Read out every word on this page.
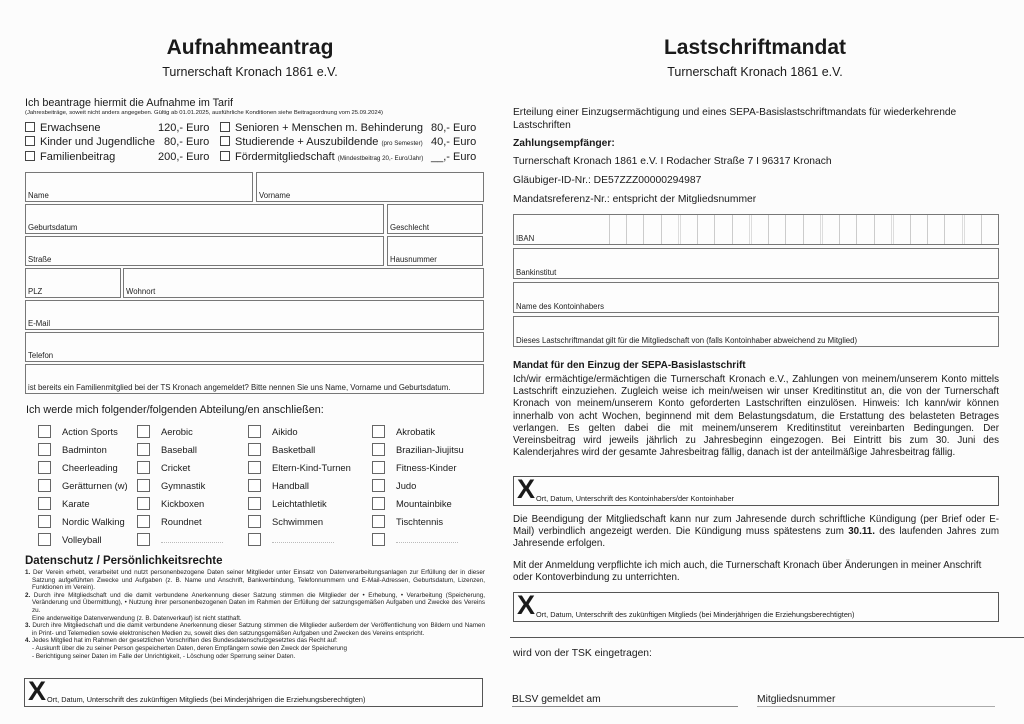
Aufnahmeantrag
Turnerschaft Kronach 1861 e.V.
Ich beantrage hiermit die Aufnahme im Tarif
(Jahresbeiträge, soweit nicht anders angegeben. Gültig ab 01.01.2025, ausführliche Konditionen siehe Beitragsordnung vom 25.09.2024)
Erwachsene	120,- Euro
Kinder und Jugendliche 80,- Euro
Familienbeitrag	200,- Euro
Senioren + Menschen m. Behinderung 80,- Euro
Studierende + Auszubildende (pro Semester) 40,- Euro
Fördermitgliedschaft (Mindestbeitrag 20,- Euro/Jahr) __,- Euro
Name	Vorname
Geburtsdatum	Geschlecht
Straße	Hausnummer
PLZ	Wohnort
E-Mail
Telefon
ist bereits ein Familienmitglied bei der TS Kronach angemeldet? Bitte nennen Sie uns Name, Vorname und Geburtsdatum.
Ich werde mich folgender/folgenden Abteilung/en anschließen:
Action Sports
Badminton
Cheerleading
Gerätturnen (w)
Karate
Nordic Walking
Volleyball
Aerobic
Baseball
Cricket
Gymnastik
Kickboxen
Roundnet
Aikido
Basketball
Eltern-Kind-Turnen
Handball
Leichtathletik
Schwimmen
Akrobatik
Brazilian-Jiujitsu
Fitness-Kinder
Judo
Mountainbike
Tischtennis
Datenschutz / Persönlichkeitsrechte
1. Der Verein erhebt, verarbeitet und nutzt personenbezogene Daten seiner Mitglieder unter Einsatz von Datenverarbeitungsanlagen zur Erfüllung der in dieser Satzung aufgeführten Zwecke und Aufgaben (z. B. Name und Anschrift, Bankverbindung, Telefonnummern und E-Mail-Adressen, Geburtsdatum, Lizenzen, Funktionen im Verein).
2. Durch ihre Mitgliedschaft und die damit verbundene Anerkennung dieser Satzung stimmen die Mitglieder der • Erhebung, • Verarbeitung (Speicherung, Veränderung und Übermittlung), • Nutzung ihrer personenbezogenen Daten im Rahmen der Erfüllung der satzungsgemäßen Aufgaben und Zwecke des Vereins zu.
Eine anderweitige Datenverwendung (z. B. Datenverkauf) ist nicht statthaft.
3. Durch ihre Mitgliedschaft und die damit verbundene Anerkennung dieser Satzung stimmen die Mitglieder außerdem der Veröffentlichung von Bildern und Namen in Print- und Telemedien sowie elektronischen Medien zu, soweit dies den satzungsgemäßen Aufgaben und Zwecken des Vereins entspricht.
4. Jedes Mitglied hat im Rahmen der gesetzlichen Vorschriften des Bundesdatenschutzgesetztes das Recht auf:
- Auskunft über die zu seiner Person gespeicherten Daten, deren Empfängern sowie den Zweck der Speicherung
- Berichtigung seiner Daten im Falle der Unrichtigkeit, - Löschung oder Sperrung seiner Daten.
X Ort, Datum, Unterschrift des zukünftigen Mitglieds (bei Minderjährigen die Erziehungsberechtigten)
Lastschriftmandat
Turnerschaft Kronach 1861 e.V.
Erteilung einer Einzugsermächtigung und eines SEPA-Basislastschriftmandats für wiederkehrende Lastschriften
Zahlungsempfänger:
Turnerschaft Kronach 1861 e.V. I Rodacher Straße 7 I 96317 Kronach
Gläubiger-ID-Nr.: DE57ZZZ00000294987
Mandatsreferenz-Nr.: entspricht der Mitgliedsnummer
IBAN
Bankinstitut
Name des Kontoinhabers
Dieses Lastschriftmandat gilt für die Mitgliedschaft von (falls Kontoinhaber abweichend zu Mitglied)
Mandat für den Einzug der SEPA-Basislastschrift
Ich/wir ermächtige/ermächtigen die Turnerschaft Kronach e.V., Zahlungen von meinem/unserem Konto mittels Lastschrift einzuziehen. Zugleich weise ich mein/weisen wir unser Kreditinstitut an, die von der Turnerschaft Kronach von meinem/unserem Konto geforderten Lastschriften einzulösen. Hinweis: Ich kann/wir können innerhalb von acht Wochen, beginnend mit dem Belastungsdatum, die Erstattung des belasteten Betrages verlangen. Es gelten dabei die mit meinem/unserem Kreditinstitut vereinbarten Bedingungen. Der Vereinsbeitrag wird jeweils jährlich zu Jahresbeginn eingezogen. Bei Eintritt bis zum 30. Juni des Kalenderjahres wird der gesamte Jahresbeitrag fällig, danach ist der anteilmäßige Jahresbeitrag fällig.
X Ort, Datum, Unterschrift des Kontoinhabers/der Kontoinhaber
Die Beendigung der Mitgliedschaft kann nur zum Jahresende durch schriftliche Kündigung (per Brief oder E-Mail) verbindlich angezeigt werden. Die Kündigung muss spätestens zum 30.11. des laufenden Jahres zum Jahresende erfolgen.
Mit der Anmeldung verpflichte ich mich auch, die Turnerschaft Kronach über Änderungen in meiner Anschrift oder Kontoverbindung zu unterrichten.
X Ort, Datum, Unterschrift des zukünftigen Mitglieds (bei Minderjährigen die Erziehungsberechtigten)
wird von der TSK eingetragen:
BLSV gemeldet am	Mitgliedsnummer
